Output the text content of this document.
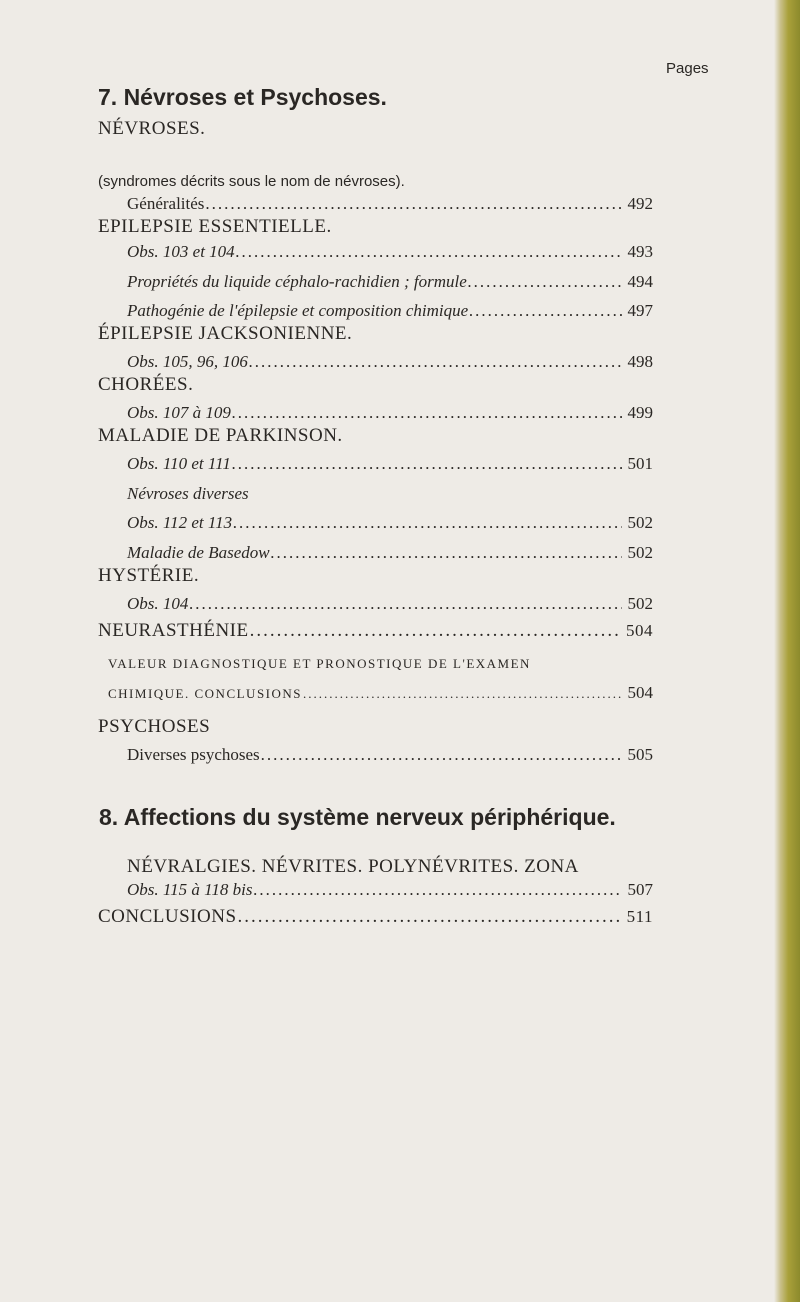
Pages
7. Névroses et Psychoses.
NÉVROSES.
(syndromes décrits sous le nom de névroses).
Généralités .....	492
EPILEPSIE ESSENTIELLE.
Obs. 103 et 104 .....	493
Propriétés du liquide céphalo-rachidien ; formule .....	494
Pathogénie de l'épilepsie et composition chimique .....	497
ÉPILEPSIE JACKSONIENNE.
Obs. 105, 96, 106 .....	498
CHORÉES.
Obs. 107 à 109 .....	499
MALADIE DE PARKINSON.
Obs. 110 et 111 .....	501
Névroses diverses
Obs. 112 et 113 .....	502
Maladie de Basedow .....	502
HYSTÉRIE.
Obs. 104 .....	502
NEURASTHÉNIE .....	504
VALEUR DIAGNOSTIQUE ET PRONOSTIQUE DE L'EXAMEN
CHIMIQUE. CONCLUSIONS .....	504
PSYCHOSES
Diverses psychoses .....	505
8. Affections du système nerveux périphérique.
NÉVRALGIES. NÉVRITES. POLYNÉVRITES. ZONA
Obs. 115 à 118 bis .....	507
CONCLUSIONS .....	511
